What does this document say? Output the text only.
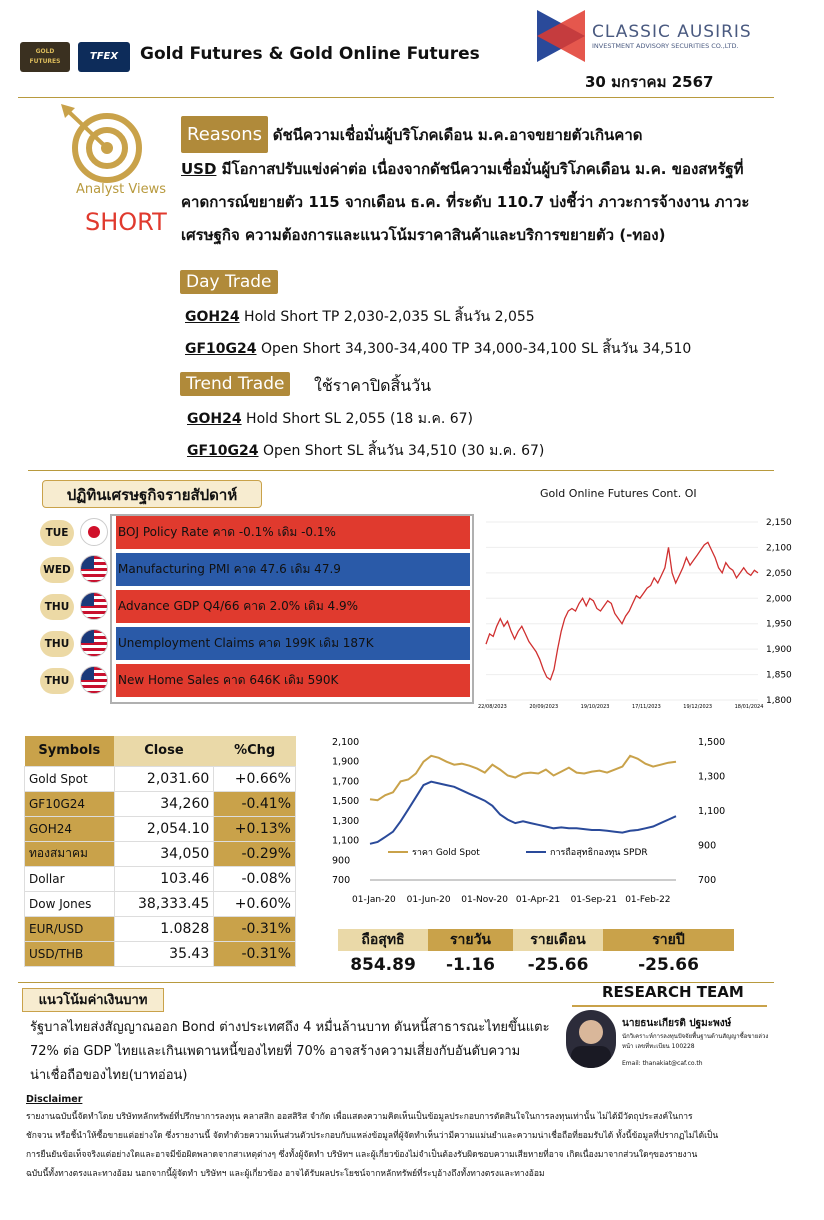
GOLD FUTURES	TFEX	Gold Futures & Gold Online Futures
CLASSIC AUSIRIS
INVESTMENT ADVISORY SECURITIES CO.,LTD.
30 มกราคม 2567
Analyst Views
SHORT
Reasons ดัชนีความเชื่อมั่นผู้บริโภคเดือน ม.ค.อาจขยายตัวเกินคาด
USD มีโอกาสปรับแข่งค่าต่อ เนื่องจากดัชนีความเชื่อมั่นผู้บริโภคเดือน ม.ค. ของสหรัฐที่
คาดการณ์ขยายตัว 115 จากเดือน ธ.ค. ที่ระดับ 110.7 บ่งชี้ว่า ภาวะการจ้างงาน ภาวะ
เศรษฐกิจ ความต้องการและแนวโน้มราคาสินค้าและบริการขยายตัว (-ทอง)
Day Trade
GOH24 Hold Short TP 2,030-2,035 SL สิ้นวัน 2,055
GF10G24 Open Short 34,300-34,400 TP 34,000-34,100 SL สิ้นวัน 34,510
Trend Trade	ใช้ราคาปิดสิ้นวัน
GOH24 Hold Short SL 2,055 (18 ม.ค. 67)
GF10G24 Open Short SL สิ้นวัน 34,510 (30 ม.ค. 67)
ปฏิทินเศรษฐกิจรายสัปดาห์
TUE	BOJ Policy Rate คาด -0.1% เดิม -0.1%
WED	Manufacturing PMI คาด 47.6 เดิม 47.9
THU	Advance GDP Q4/66 คาด 2.0% เดิม 4.9%
THU	Unemployment Claims คาด 199K เดิม 187K
THU	New Home Sales คาด 646K เดิม 590K
Gold Online Futures Cont. OI
2,150
2,100
2,050
2,000
1,950
1,900
1,850
1,800
22/08/2023	20/09/2023	19/10/2023	17/11/2023	19/12/2023	18/01/2024
Symbols	Close	%Chg
Gold Spot	2,031.60	+0.66%
GF10G24	34,260	-0.41%
GOH24	2,054.10	+0.13%
ทองสมาคม	34,050	-0.29%
Dollar	103.46	-0.08%
Dow Jones	38,333.45	+0.60%
EUR/USD	1.0828	-0.31%
USD/THB	35.43	-0.31%
2,100
1,900
1,700
1,500
1,300
1,100
900
700
1,500
1,300
1,100
900
700
01-Jan-20 01-Jun-20 01-Nov-20 01-Apr-21 01-Sep-21 01-Feb-22
ราคา Gold Spot	การถือสุทธิกองทุน SPDR
ถือสุทธิ	รายวัน	รายเดือน	รายปี
854.89	-1.16	-25.66	-25.66
แนวโน้มค่าเงินบาท
รัฐบาลไทยส่งสัญญาณออก Bond ต่างประเทศถึง 4 หมื่นล้านบาท ดันหนี้สาธารณะไทยขึ้นแตะ
72% ต่อ GDP ไทยและเกินเพดานหนี้ของไทยที่ 70% อาจสร้างความเสี่ยงกับอันดับความ
น่าเชื่อถือของไทย(บาทอ่อน)
RESEARCH TEAM
นายธนะเกียรติ ปฐมะพงษ์
นักวิเคราะห์การลงทุนปัจจัยพื้นฐานด้านสัญญาซื้อขายล่วงหน้า เลขที่ทะเบียน 100228
Email: thanakiat@caf.co.th
Disclaimer
รายงานฉบับนี้จัดทำโดย บริษัทหลักทรัพย์ที่ปรึกษาการลงทุน คลาสสิก ออสสิริส จำกัด เพื่อแสดงความคิดเห็นเป็นข้อมูลประกอบการตัดสินใจในการลงทุนเท่านั้น ไม่ได้มีวัตถุประสงค์ในการ
ชักจวน หรือชี้นำให้ซื้อขายแต่อย่างใด ซึ่งรายงานนี้ จัดทำด้วยความเห็นส่วนตัวประกอบกับแหล่งข้อมูลที่ผู้จัดทำเห็นว่ามีความแม่นยำและความน่าเชื่อถือที่ยอมรับได้ ทั้งนี้ข้อมูลที่ปรากฏไม่ได้เป็น
การยืนยันข้อเท็จจริงแต่อย่างใดและอาจมีข้อผิดพลาดจากสาเหตุต่างๆ ซึ่งทั้งผู้จัดทำ บริษัทฯ และผู้เกี่ยวข้องไม่จำเป็นต้องรับผิดชอบความเสียหายที่อาจ เกิดเนื่องมาจากส่วนใดๆของรายงาน
ฉบับนี้ทั้งทางตรงและทางอ้อม นอกจากนี้ผู้จัดทำ บริษัทฯ และผู้เกี่ยวข้อง อาจได้รับผลประโยชน์จากหลักทรัพย์ที่ระบุอ้างถึงทั้งทางตรงและทางอ้อม
